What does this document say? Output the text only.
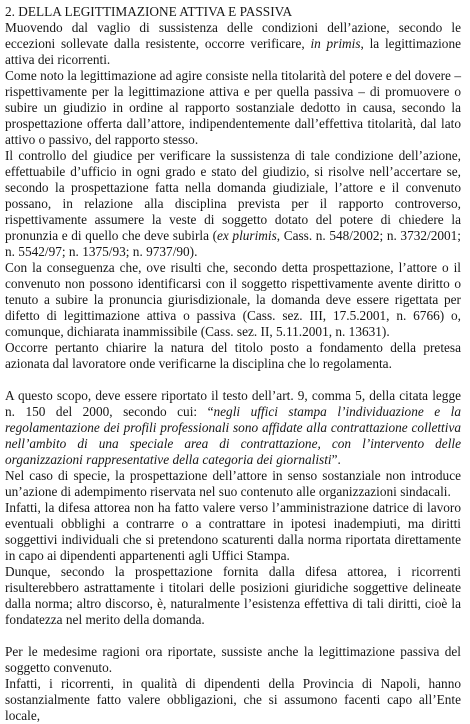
2. DELLA LEGITTIMAZIONE ATTIVA E PASSIVA

Muovendo dal vaglio di sussistenza delle condizioni dell’azione, secondo le eccezioni sollevate dalla resistente, occorre verificare, in primis, la legittimazione attiva dei ricorrenti.

Come noto la legittimazione ad agire consiste nella titolarità del potere e del dovere – rispettivamente per la legittimazione attiva e per quella passiva – di promuovere o subire un giudizio in ordine al rapporto sostanziale dedotto in causa, secondo la prospettazione offerta dall’attore, indipendentemente dall’effettiva titolarità, dal lato attivo o passivo, del rapporto stesso.

Il controllo del giudice per verificare la sussistenza di tale condizione dell’azione, effettuabile d’ufficio in ogni grado e stato del giudizio, si risolve nell’accertare se, secondo la prospettazione fatta nella domanda giudiziale, l’attore e il convenuto possano, in relazione alla disciplina prevista per il rapporto controverso, rispettivamente assumere la veste di soggetto dotato del potere di chiedere la pronunzia e di quello che deve subirla (ex plurimis, Cass. n. 548/2002; n. 3732/2001; n. 5542/97; n. 1375/93; n. 9737/90).

Con la conseguenza che, ove risulti che, secondo detta prospettazione, l’attore o il convenuto non possono identificarsi con il soggetto rispettivamente avente diritto o tenuto a subire la pronuncia giurisdizionale, la domanda deve essere rigettata per difetto di legittimazione attiva o passiva (Cass. sez. III, 17.5.2001, n. 6766) o, comunque, dichiarata inammissibile (Cass. sez. II, 5.11.2001, n. 13631).

Occorre pertanto chiarire la natura del titolo posto a fondamento della pretesa azionata dal lavoratore onde verificarne la disciplina che lo regolamenta.

A questo scopo, deve essere riportato il testo dell’art. 9, comma 5, della citata legge n. 150 del 2000, secondo cui: “negli uffici stampa l’individuazione e la regolamentazione dei profili professionali sono affidate alla contrattazione collettiva nell’ambito di una speciale area di contrattazione, con l’intervento delle organizzazioni rappresentative della categoria dei giornalisti”.

Nel caso di specie, la prospettazione dell’attore in senso sostanziale non introduce un’azione di adempimento riservata nel suo contenuto alle organizzazioni sindacali.

Infatti, la difesa attorea non ha fatto valere verso l’amministrazione datrice di lavoro eventuali obblighi a contrarre o a contrattare in ipotesi inadempiuti, ma diritti soggettivi individuali che si pretendono scaturenti dalla norma riportata direttamente in capo ai dipendenti appartenenti agli Uffici Stampa.

Dunque, secondo la prospettazione fornita dalla difesa attorea, i ricorrenti risulterebbero astrattamente i titolari delle posizioni giuridiche soggettive delineate dalla norma; altro discorso, è, naturalmente l’esistenza effettiva di tali diritti, cioè la fondatezza nel merito della domanda.

Per le medesime ragioni ora riportate, sussiste anche la legittimazione passiva del soggetto convenuto.

Infatti, i ricorrenti, in qualità di dipendenti della Provincia di Napoli, hanno sostanzialmente fatto valere obbligazioni, che si assumono facenti capo all’Ente locale,
